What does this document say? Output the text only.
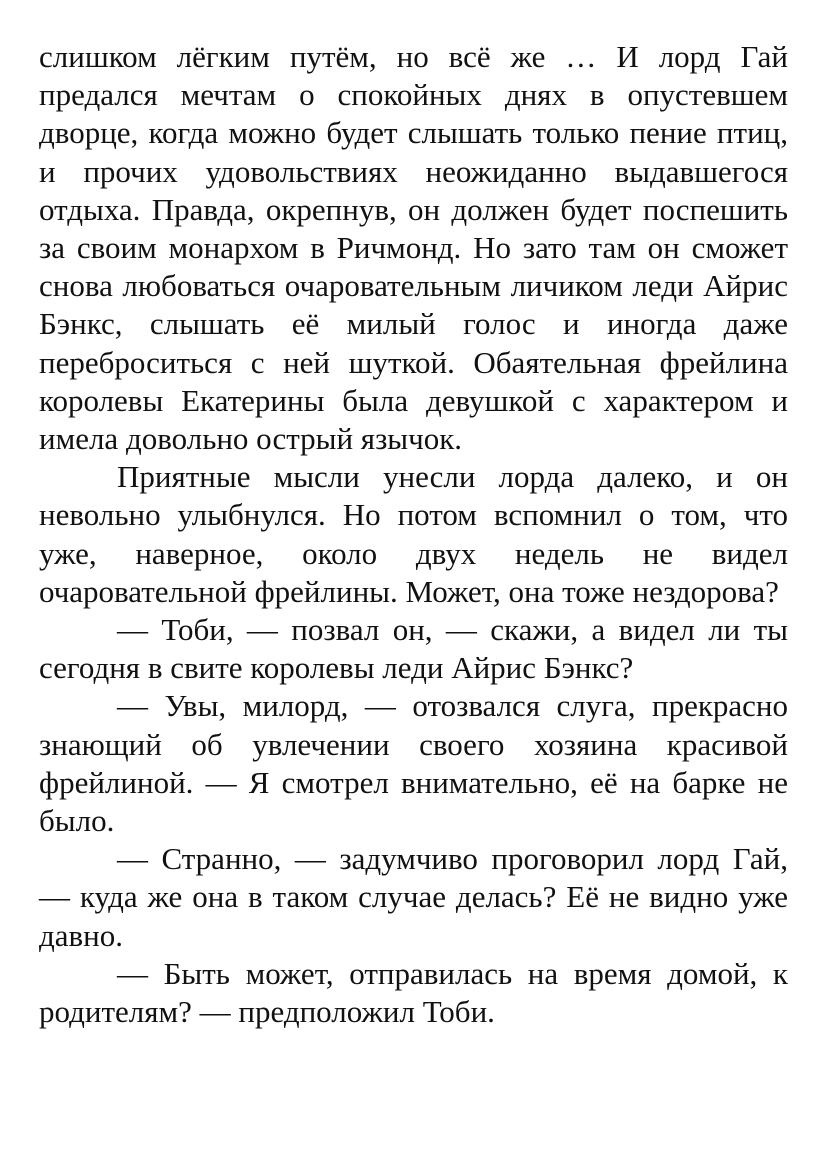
слишком лёгким путём, но всё же … И лорд Гай предался мечтам о спокойных днях в опустевшем дворце, когда можно будет слышать только пение птиц, и прочих удовольствиях неожиданно выдавшегося отдыха. Правда, окрепнув, он должен будет поспешить за своим монархом в Ричмонд. Но зато там он сможет снова любоваться очаровательным личиком леди Айрис Бэнкс, слышать её милый голос и иногда даже переброситься с ней шуткой. Обаятельная фрейлина королевы Екатерины была девушкой с характером и имела довольно острый язычок.

Приятные мысли унесли лорда далеко, и он невольно улыбнулся. Но потом вспомнил о том, что уже, наверное, около двух недель не видел очаровательной фрейлины. Может, она тоже нездорова?

— Тоби, — позвал он, — скажи, а видел ли ты сегодня в свите королевы леди Айрис Бэнкс?

— Увы, милорд, — отозвался слуга, прекрасно знающий об увлечении своего хозяина красивой фрейлиной. — Я смотрел внимательно, её на барке не было.

— Странно, — задумчиво проговорил лорд Гай, — куда же она в таком случае делась? Её не видно уже давно.

— Быть может, отправилась на время домой, к родителям? — предположил Тоби.
